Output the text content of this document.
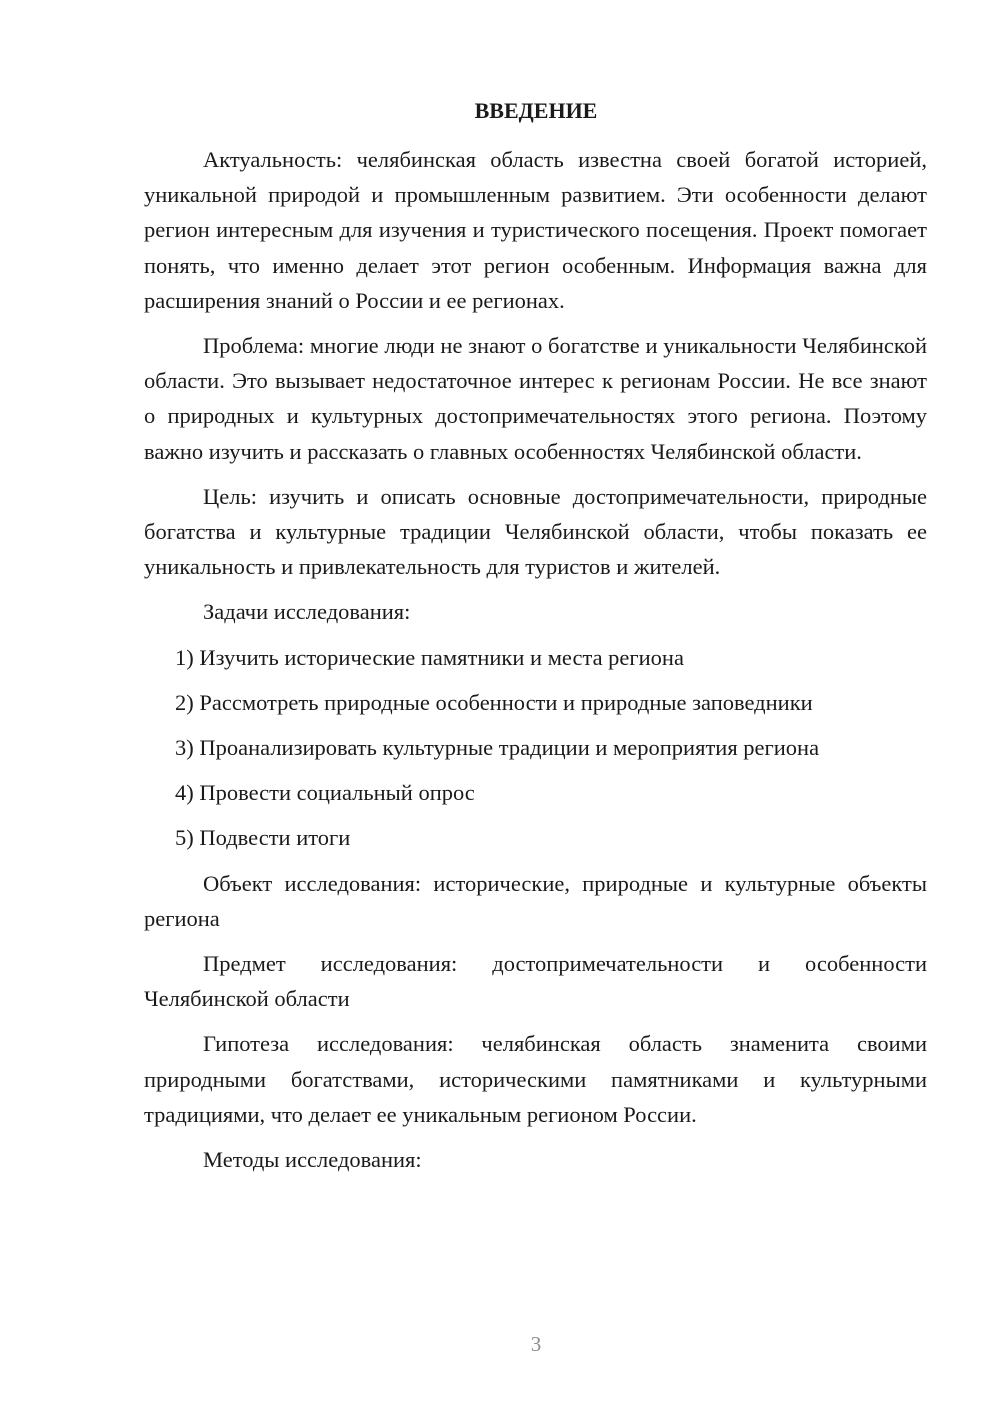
ВВЕДЕНИЕ

Актуальность: челябинская область известна своей богатой историей, уникальной природой и промышленным развитием. Эти особенности делают регион интересным для изучения и туристического посещения. Проект помогает понять, что именно делает этот регион особенным. Информация важна для расширения знаний о России и ее регионах.

Проблема: многие люди не знают о богатстве и уникальности Челябинской области. Это вызывает недостаточное интерес к регионам России. Не все знают о природных и культурных достопримечательностях этого региона. Поэтому важно изучить и рассказать о главных особенностях Челябинской области.

Цель: изучить и описать основные достопримечательности, природные богатства и культурные традиции Челябинской области, чтобы показать ее уникальность и привлекательность для туристов и жителей.

Задачи исследования:

1) Изучить исторические памятники и места региона

2) Рассмотреть природные особенности и природные заповедники

3) Проанализировать культурные традиции и мероприятия региона

4) Провести социальный опрос

5) Подвести итоги

Объект исследования: исторические, природные и культурные объекты региона

Предмет исследования: достопримечательности и особенности Челябинской области

Гипотеза исследования: челябинская область знаменита своими природными богатствами, историческими памятниками и культурными традициями, что делает ее уникальным регионом России.

Методы исследования:

3
